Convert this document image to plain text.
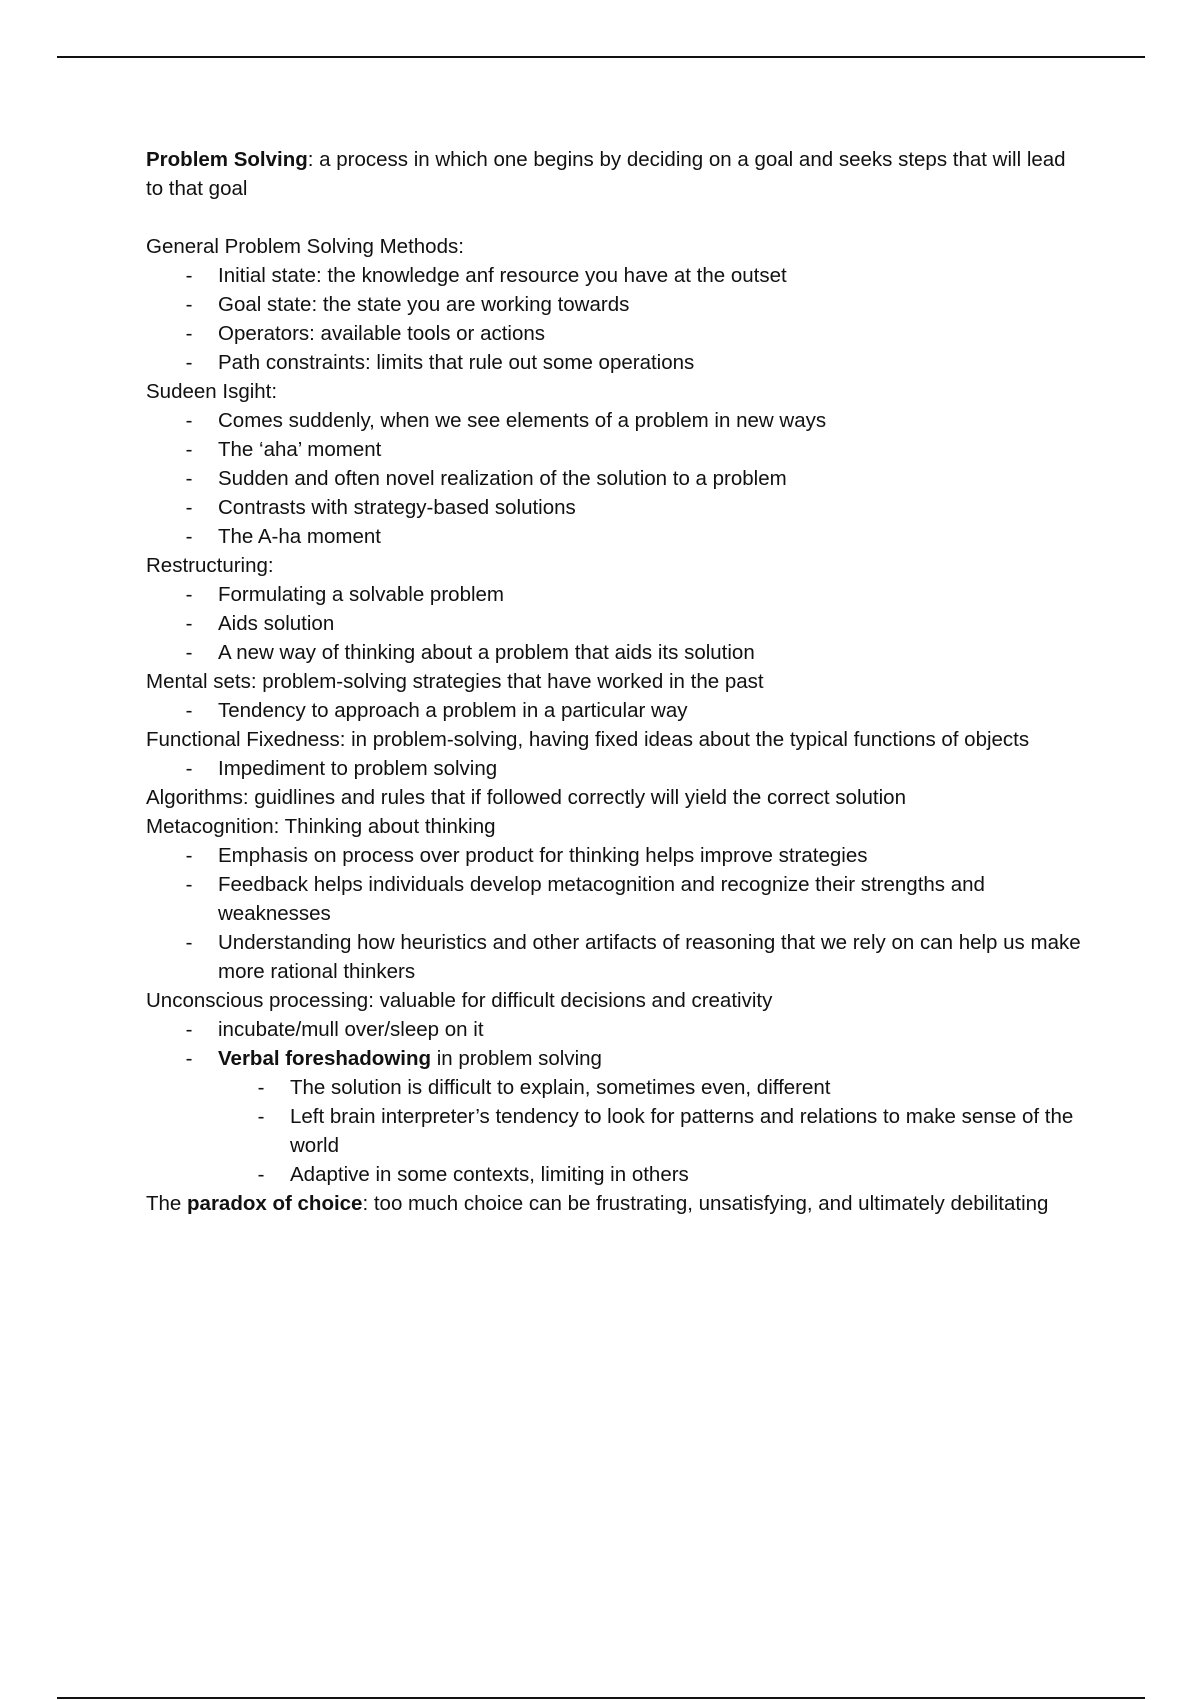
Problem Solving: a process in which one begins by deciding on a goal and seeks steps that will lead to that goal

General Problem Solving Methods:

- Initial state: the knowledge anf resource you have at the outset
- Goal state: the state you are working towards
- Operators: available tools or actions
- Path constraints: limits that rule out some operations

Sudeen Isgiht:

- Comes suddenly, when we see elements of a problem in new ways
- The ‘aha’ moment
- Sudden and often novel realization of the solution to a problem
- Contrasts with strategy-based solutions
- The A-ha moment

Restructuring:

- Formulating a solvable problem
- Aids solution
- A new way of thinking about a problem that aids its solution

Mental sets: problem-solving strategies that have worked in the past

- Tendency to approach a problem in a particular way

Functional Fixedness: in problem-solving, having fixed ideas about the typical functions of objects

- Impediment to problem solving

Algorithms: guidlines and rules that if followed correctly will yield the correct solution

Metacognition: Thinking about thinking

- Emphasis on process over product for thinking helps improve strategies
- Feedback helps individuals develop metacognition and recognize their strengths and weaknesses
- Understanding how heuristics and other artifacts of reasoning that we rely on can help us make more rational thinkers

Unconscious processing: valuable for difficult decisions and creativity

- incubate/mull over/sleep on it
- Verbal foreshadowing in problem solving
- The solution is difficult to explain, sometimes even, different
- Left brain interpreter’s tendency to look for patterns and relations to make sense of the world
- Adaptive in some contexts, limiting in others

The paradox of choice: too much choice can be frustrating, unsatisfying, and ultimately debilitating
